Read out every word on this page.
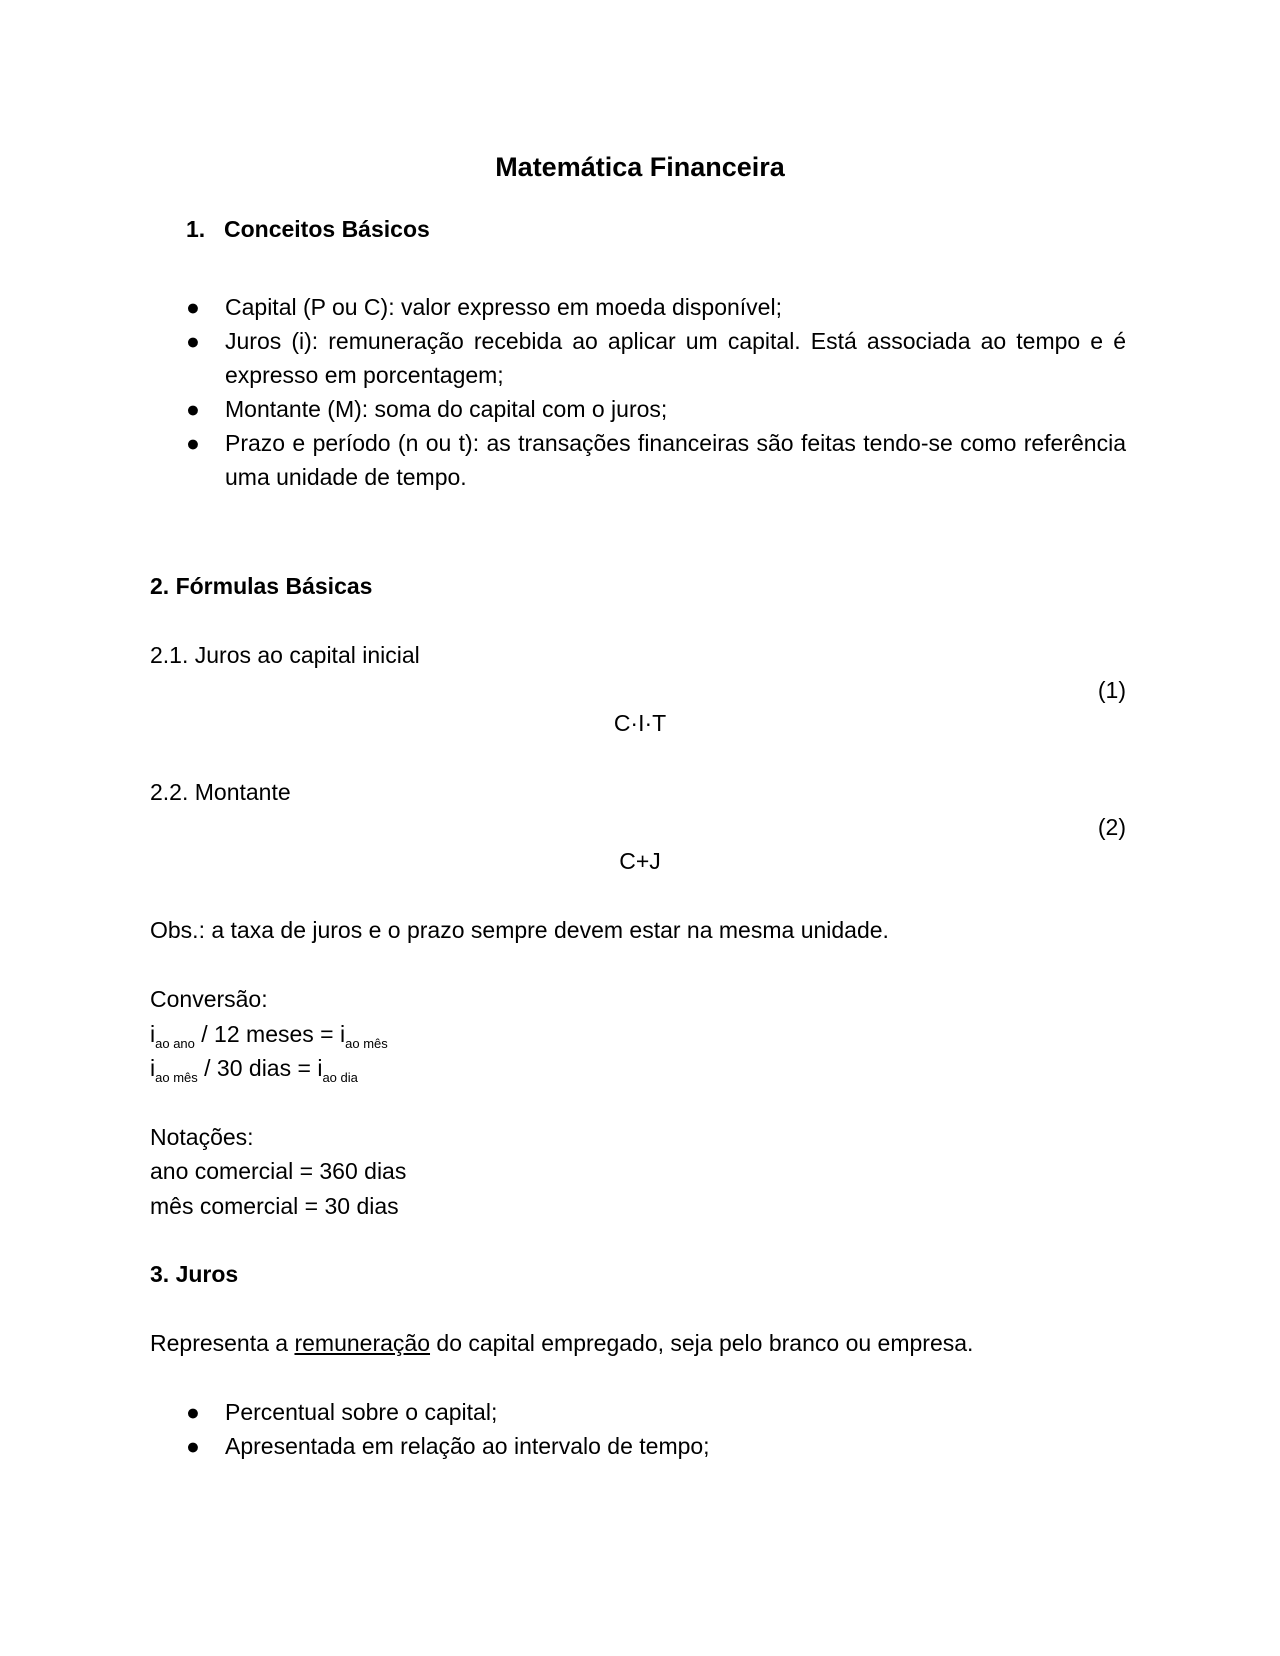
Matemática Financeira
1. Conceitos Básicos
● Capital (P ou C): valor expresso em moeda disponível;
● Juros (i): remuneração recebida ao aplicar um capital. Está associada ao tempo e é expresso em porcentagem;
● Montante (M): soma do capital com o juros;
● Prazo e período (n ou t): as transações financeiras são feitas tendo-se como referência uma unidade de tempo.
2. Fórmulas Básicas
2.1. Juros ao capital inicial
(1)
C·I·T
2.2. Montante
(2)
C+J
Obs.: a taxa de juros e o prazo sempre devem estar na mesma unidade.
Conversão:
$i_{ao ano} / 12$ meses = $i_{ao mês}$
$i_{ao mês} / 30$ dias = $i_{ao dia}$
Notações:
ano comercial = 360 dias
mês comercial = 30 dias
3. Juros
Representa a remuneração do capital empregado, seja pelo branco ou empresa.
● Percentual sobre o capital;
● Apresentada em relação ao intervalo de tempo;
